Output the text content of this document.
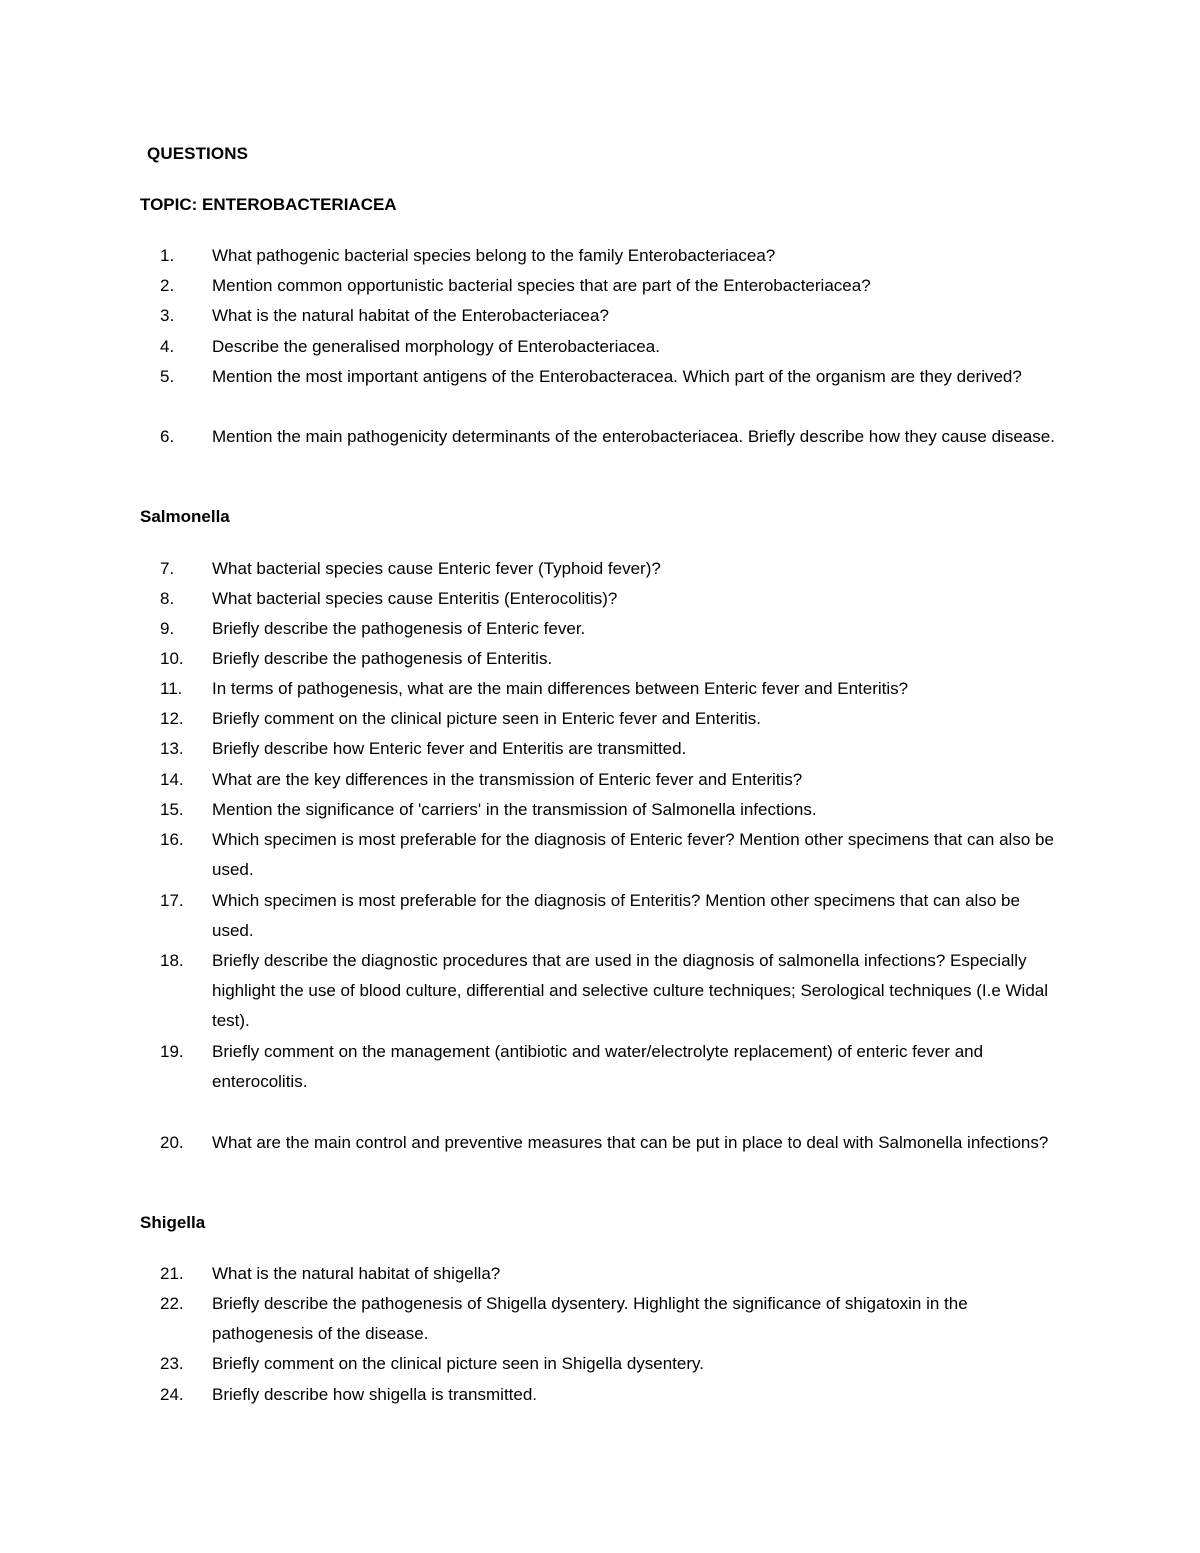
QUESTIONS
TOPIC: ENTEROBACTERIACEA
1.	What pathogenic bacterial species belong to the family Enterobacteriacea?
2.	Mention common opportunistic bacterial species that are part of the Enterobacteriacea?
3.	What is the natural habitat of the Enterobacteriacea?
4.	Describe the generalised morphology of Enterobacteriacea.
5.	Mention the most important antigens of the Enterobacteracea. Which part of the organism are they derived?
6.	Mention the main pathogenicity determinants of the enterobacteriacea. Briefly describe how they cause disease.
Salmonella
7.	What bacterial species cause Enteric fever (Typhoid fever)?
8.	What bacterial species cause Enteritis (Enterocolitis)?
9.	Briefly describe the pathogenesis of Enteric fever.
10.	Briefly describe the pathogenesis of Enteritis.
11.	In terms of pathogenesis, what are the main differences between Enteric fever and Enteritis?
12.	Briefly comment on the clinical picture seen in Enteric fever and Enteritis.
13.	Briefly describe how Enteric fever and Enteritis are transmitted.
14.	What are the key differences in the transmission of Enteric fever and Enteritis?
15.	Mention the significance of 'carriers' in the transmission of Salmonella infections.
16.	Which specimen is most preferable for the diagnosis of Enteric fever? Mention other specimens that can also be used.
17.	Which specimen is most preferable for the diagnosis of Enteritis? Mention other specimens that can also be used.
18.	Briefly describe the diagnostic procedures that are used in the diagnosis of salmonella infections? Especially highlight the use of blood culture, differential and selective culture techniques; Serological techniques (I.e Widal test).
19.	Briefly comment on the management (antibiotic and water/electrolyte replacement) of enteric fever and enterocolitis.
20.	What are the main control and preventive measures that can be put in place to deal with Salmonella infections?
Shigella
21.	What is the natural habitat of shigella?
22.	Briefly describe the pathogenesis of Shigella dysentery. Highlight the significance of shigatoxin in the pathogenesis of the disease.
23.	Briefly comment on the clinical picture seen in Shigella dysentery.
24.	Briefly describe how shigella is transmitted.
